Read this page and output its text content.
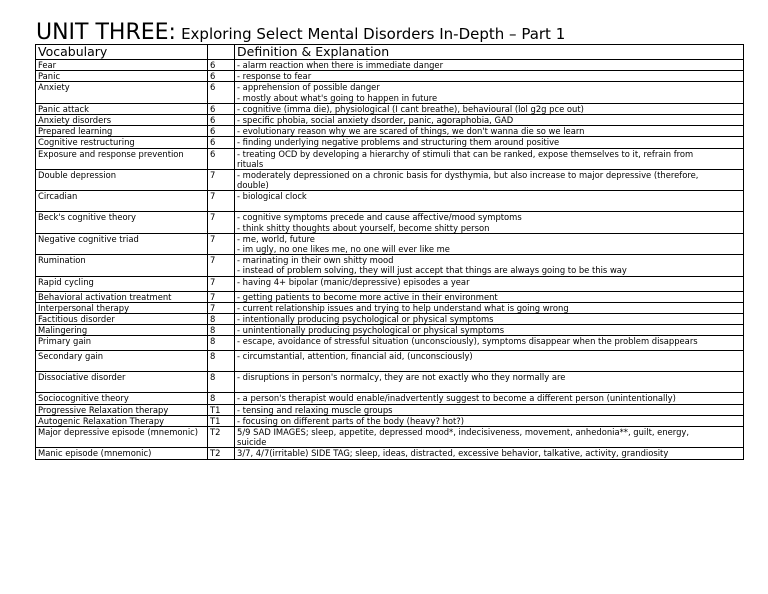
UNIT THREE: Exploring Select Mental Disorders In-Depth – Part 1
Vocabulary		Definition & Explanation
Fear	6	- alarm reaction when there is immediate danger

Panic	6	- response to fear

Anxiety	6	- apprehension of possible danger
- mostly about what's going to happen in future

Panic attack	6	- cognitive (imma die), physiological (I cant breathe), behavioural (lol g2g pce out)

Anxiety disorders	6	- specific phobia, social anxiety dsorder, panic, agoraphobia, GAD

Prepared learning	6	- evolutionary reason why we are scared of things, we don't wanna die so we learn

Cognitive restructuring	6	- finding underlying negative problems and structuring them around positive

Exposure and response prevention	6	- treating OCD by developing a hierarchy of stimuli that can be ranked, expose themselves to it, refrain from
rituals

Double depression	7	- moderately depressioned on a chronic basis for dysthymia, but also increase to major depressive (therefore,
double)

Circadian	7	- biological clock

Beck's cognitive theory	7	- cognitive symptoms precede and cause affective/mood symptoms
- think shitty thoughts about yourself, become shitty person

Negative cognitive triad	7	- me, world, future
- im ugly, no one likes me, no one will ever like me

Rumination	7	- marinating in their own shitty mood
- instead of problem solving, they will just accept that things are always going to be this way

Rapid cycling	7	- having 4+ bipolar (manic/depressive) episodes a year

Behavioral activation treatment	7	- getting patients to become more active in their environment

Interpersonal therapy	7	- current relationship issues and trying to help understand what is going wrong

Factitious disorder	8	- intentionally producing psychological or physical symptoms

Malingering	8	- unintentionally producing psychological or physical symptoms

Primary gain	8	- escape, avoidance of stressful situation (unconsciously), symptoms disappear when the problem disappears

Secondary gain	8	- circumstantial, attention, financial aid, (unconsciously)

Dissociative disorder	8	- disruptions in person's normalcy, they are not exactly who they normally are

Sociocognitive theory	8	- a person's therapist would enable/inadvertently suggest to become a different person (unintentionally)

Progressive Relaxation therapy	T1	- tensing and relaxing muscle groups

Autogenic Relaxation Therapy	T1	- focusing on different parts of the body (heavy? hot?)

Major depressive episode (mnemonic)	T2	5/9 SAD IMAGES; sleep, appetite, depressed mood*, indecisiveness, movement, anhedonia**, guilt, energy,
suicide

Manic episode (mnemonic)	T2	3/7, 4/7(irritable) SIDE TAG; sleep, ideas, distracted, excessive behavior, talkative, activity, grandiosity
